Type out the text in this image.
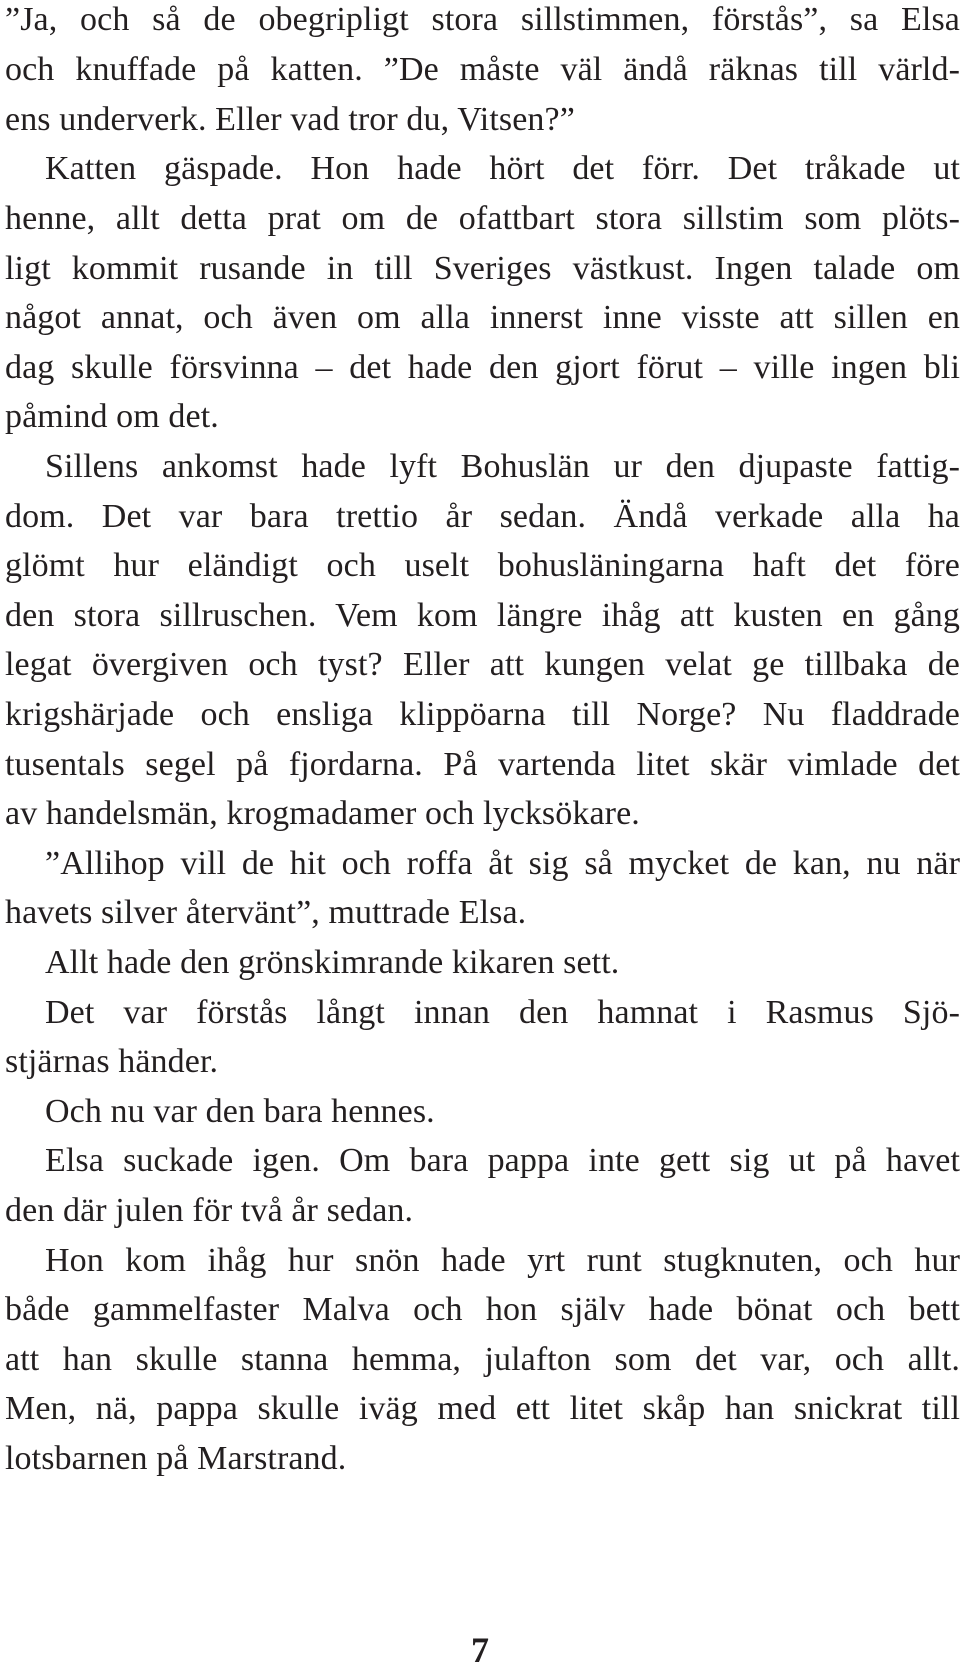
”Ja, och så de obegripligt stora sillstimmen, förstås”, sa Elsa
och knuffade på katten. ”De måste väl ändå räknas till värld-
ens underverk. Eller vad tror du, Vitsen?”
Katten gäspade. Hon hade hört det förr. Det tråkade ut
henne, allt detta prat om de ofattbart stora sillstim som plöts-
ligt kommit rusande in till Sveriges västkust. Ingen talade om
något annat, och även om alla innerst inne visste att sillen en
dag skulle försvinna – det hade den gjort förut – ville ingen bli
påmind om det.
Sillens ankomst hade lyft Bohuslän ur den djupaste fattig-
dom. Det var bara trettio år sedan. Ändå verkade alla ha
glömt hur eländigt och uselt bohusläningarna haft det före
den stora sillruschen. Vem kom längre ihåg att kusten en gång
legat övergiven och tyst? Eller att kungen velat ge tillbaka de
krigshärjade och ensliga klippöarna till Norge? Nu fladdrade
tusentals segel på fjordarna. På vartenda litet skär vimlade det
av handelsmän, krogmadamer och lycksökare.
”Allihop vill de hit och roffa åt sig så mycket de kan, nu när
havets silver återvänt”, muttrade Elsa.
Allt hade den grönskimrande kikaren sett.
Det var förstås långt innan den hamnat i Rasmus Sjö-
stjärnas händer.
Och nu var den bara hennes.
Elsa suckade igen. Om bara pappa inte gett sig ut på havet
den där julen för två år sedan.
Hon kom ihåg hur snön hade yrt runt stugknuten, och hur
både gammelfaster Malva och hon själv hade bönat och bett
att han skulle stanna hemma, julafton som det var, och allt.
Men, nä, pappa skulle iväg med ett litet skåp han snickrat till
lotsbarnen på Marstrand.
7
